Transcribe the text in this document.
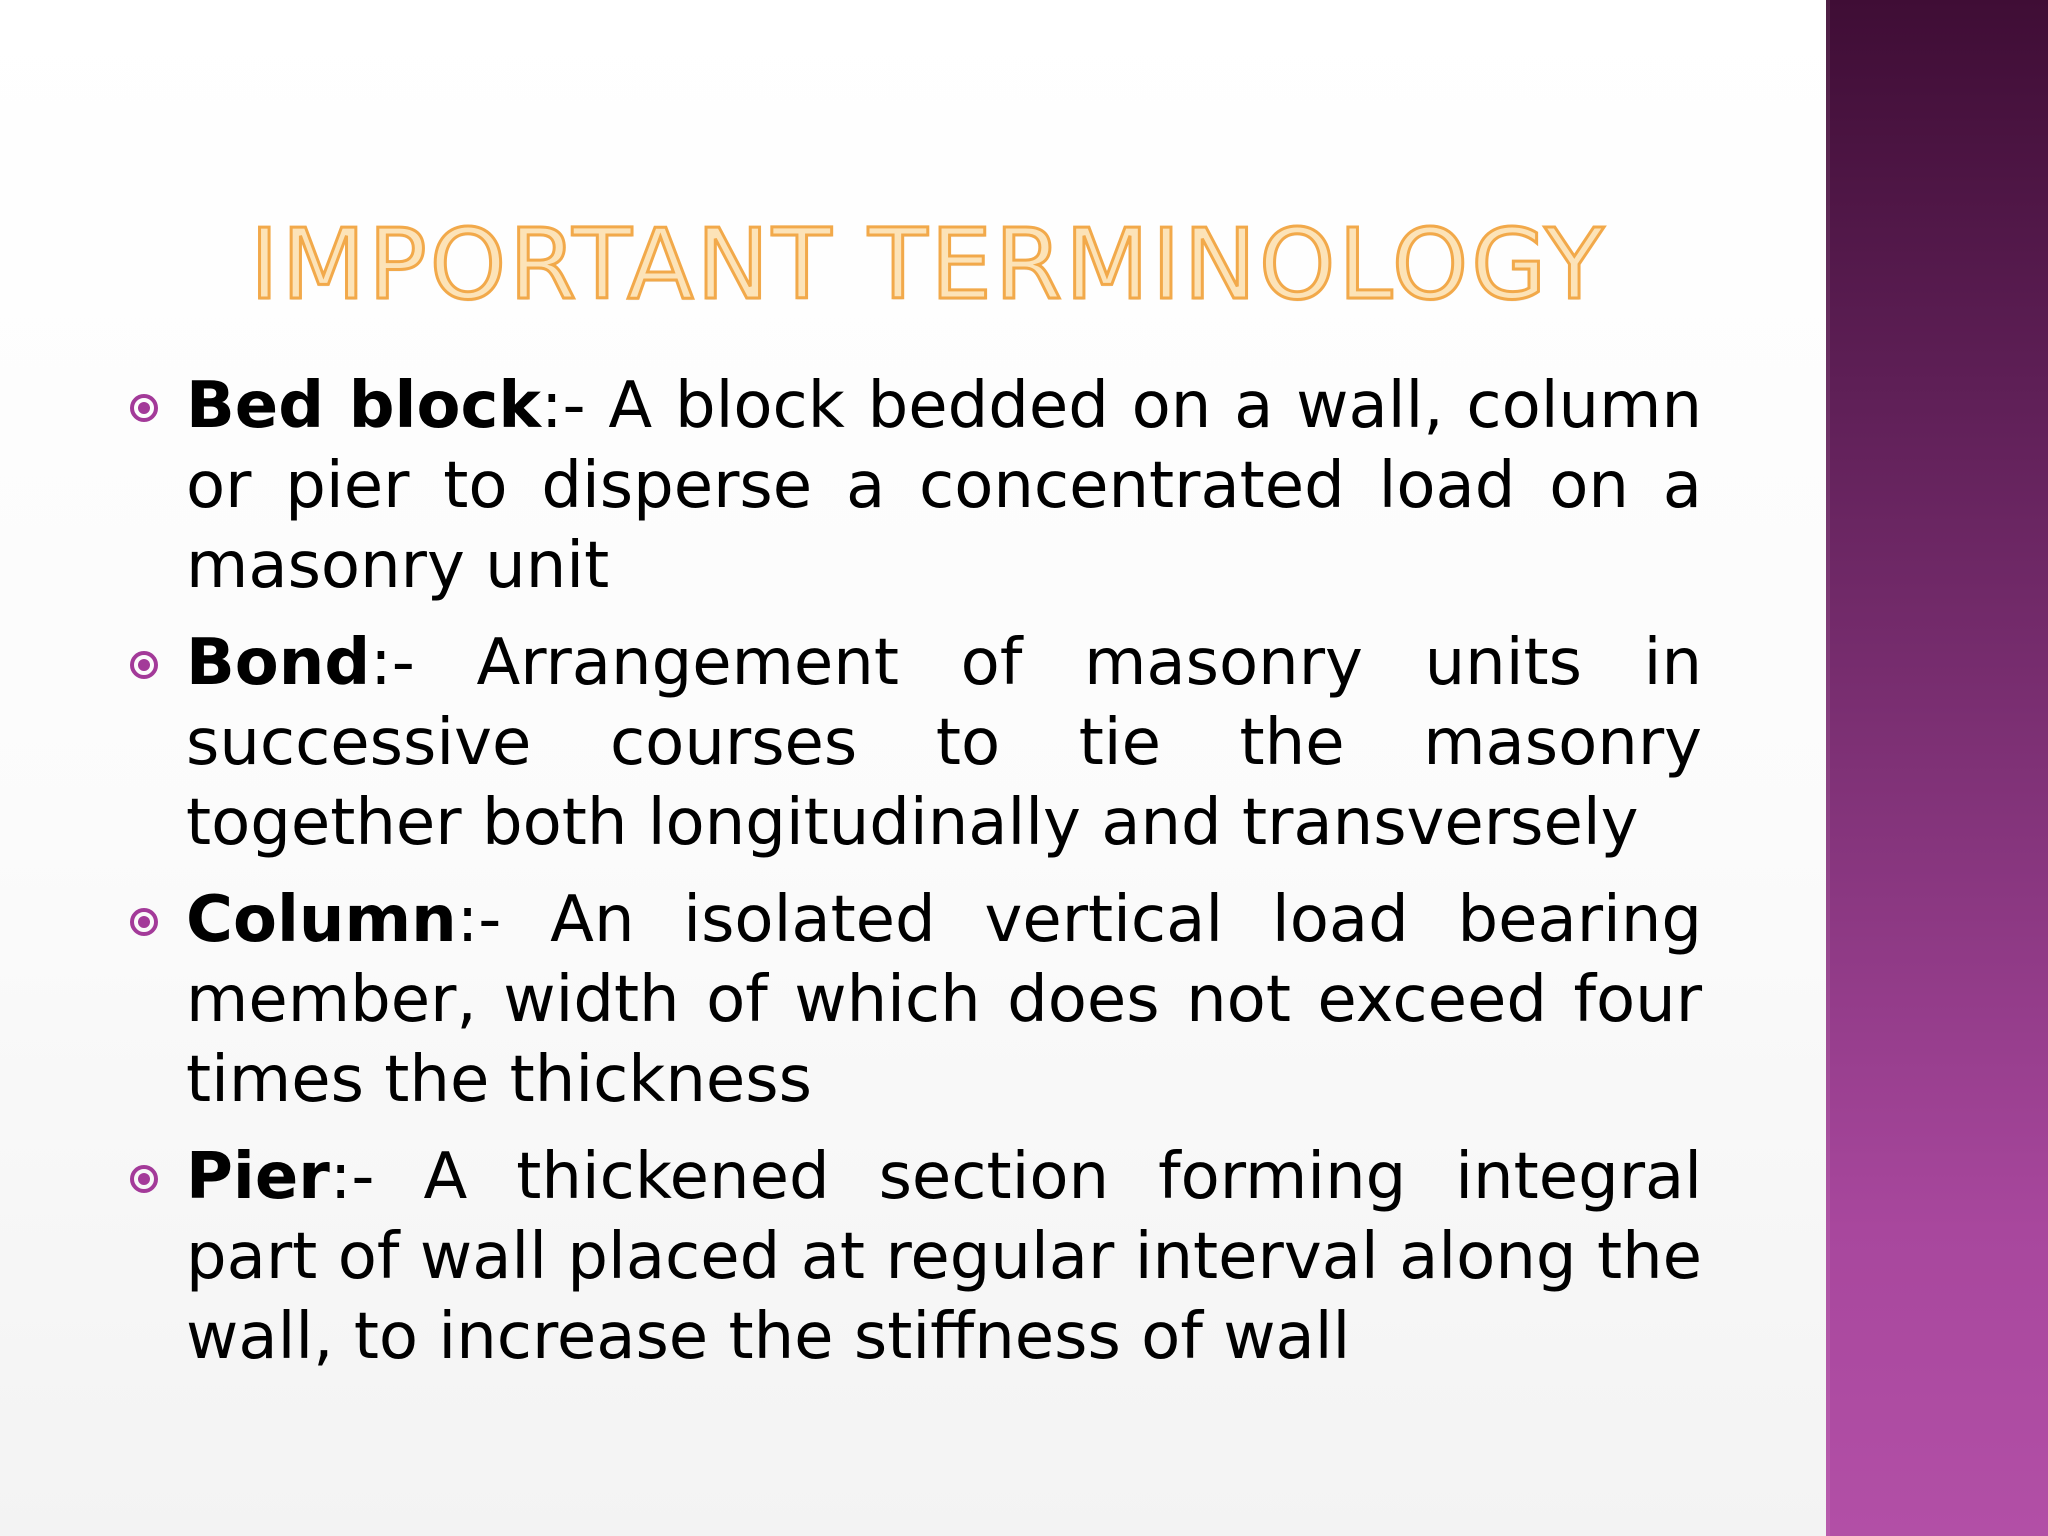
IMPORTANT TERMINOLOGY
Bed block:- A block bedded on a wall, column or pier to disperse a concentrated load on a masonry unit
Bond:- Arrangement of masonry units in successive courses to tie the masonry together both longitudinally and transversely
Column:- An isolated vertical load bearing member, width of which does not exceed four times the thickness
Pier:- A thickened section forming integral part of wall placed at regular interval along the wall, to increase the stiffness of wall
